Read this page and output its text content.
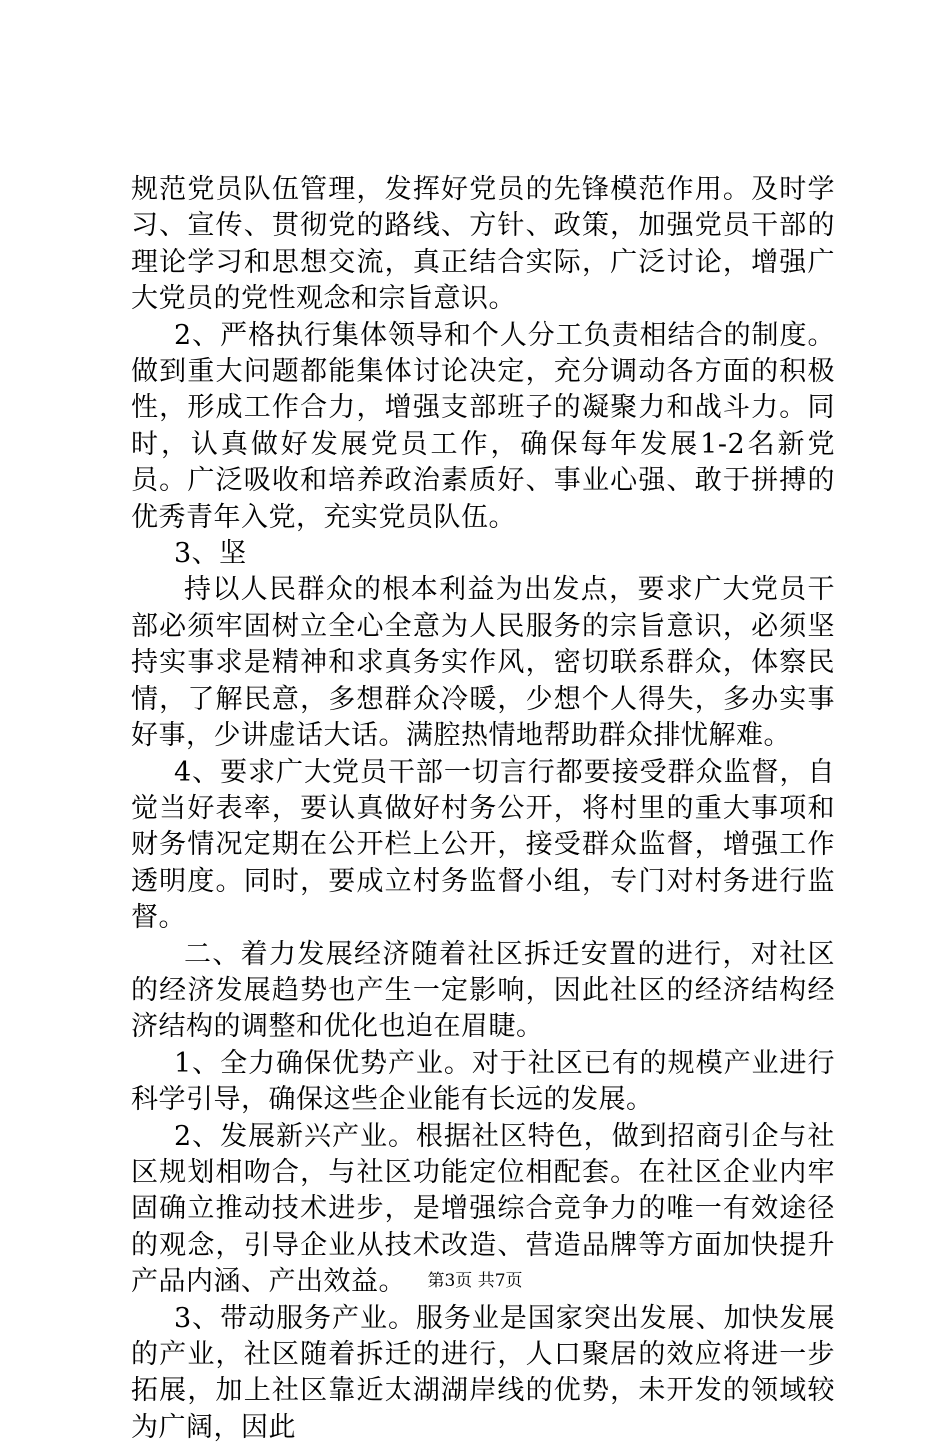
规范党员队伍管理，发挥好党员的先锋模范作用。及时学习、宣传、贯彻党的路线、方针、政策，加强党员干部的理论学习和思想交流，真正结合实际，广泛讨论，增强广大党员的党性观念和宗旨意识。

2、严格执行集体领导和个人分工负责相结合的制度。做到重大问题都能集体讨论决定，充分调动各方面的积极性，形成工作合力，增强支部班子的凝聚力和战斗力。同时，认真做好发展党员工作，确保每年发展1-2名新党员。广泛吸收和培养政治素质好、事业心强、敢于拼搏的优秀青年入党，充实党员队伍。

3、坚

持以人民群众的根本利益为出发点，要求广大党员干部必须牢固树立全心全意为人民服务的宗旨意识，必须坚持实事求是精神和求真务实作风，密切联系群众，体察民情，了解民意，多想群众冷暖，少想个人得失，多办实事好事，少讲虚话大话。满腔热情地帮助群众排忧解难。

4、要求广大党员干部一切言行都要接受群众监督，自觉当好表率，要认真做好村务公开，将村里的重大事项和财务情况定期在公开栏上公开，接受群众监督，增强工作透明度。同时，要成立村务监督小组，专门对村务进行监督。

二、着力发展经济随着社区拆迁安置的进行，对社区的经济发展趋势也产生一定影响，因此社区的经济结构经济结构的调整和优化也迫在眉睫。

1、全力确保优势产业。对于社区已有的规模产业进行科学引导，确保这些企业能有长远的发展。

2、发展新兴产业。根据社区特色，做到招商引企与社区规划相吻合，与社区功能定位相配套。在社区企业内牢固确立推动技术进步，是增强综合竞争力的唯一有效途径的观念，引导企业从技术改造、营造品牌等方面加快提升产品内涵、产出效益。

3、带动服务产业。服务业是国家突出发展、加快发展的产业，社区随着拆迁的进行，人口聚居的效应将进一步拓展，加上社区靠近太湖湖岸线的优势，未开发的领域较为广阔，因此

第3页 共7页
